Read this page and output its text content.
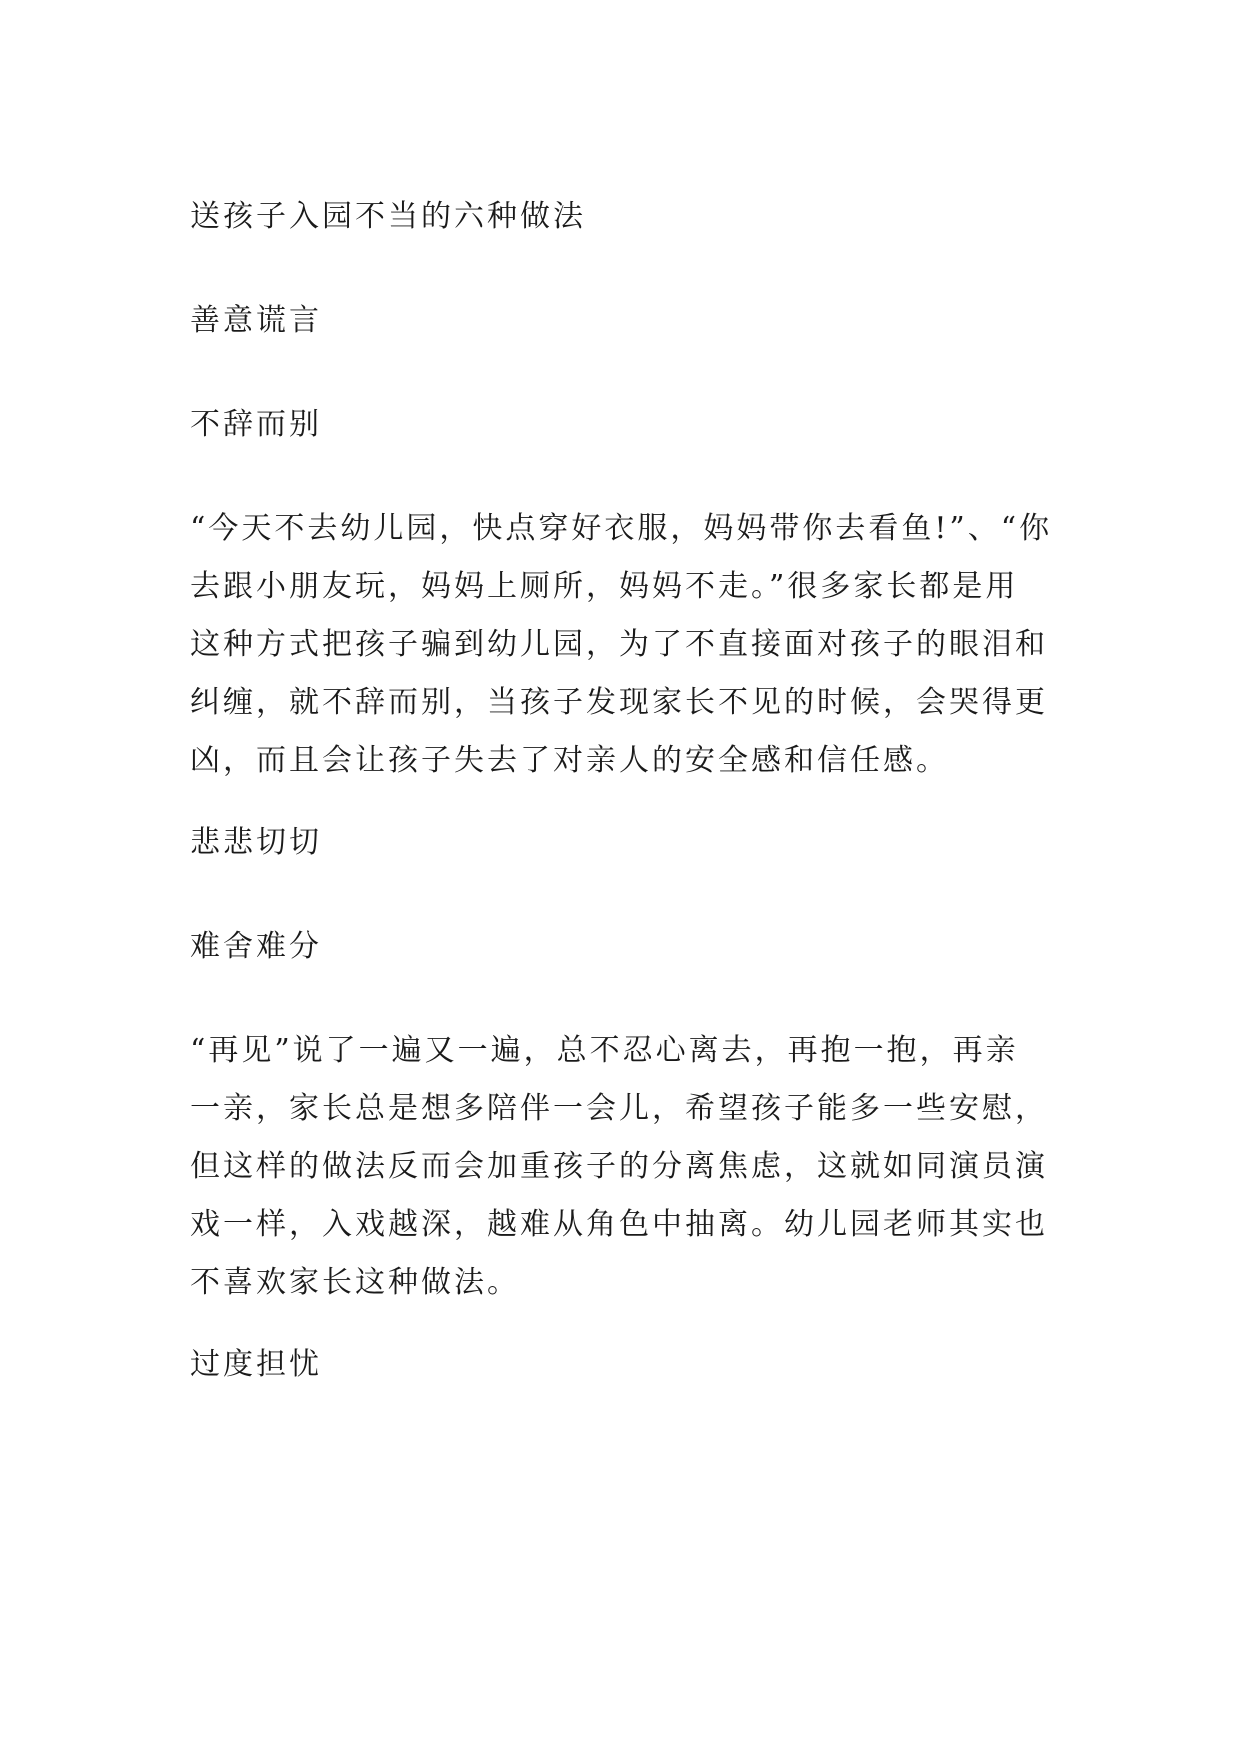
送孩子入园不当的六种做法

善意谎言

不辞而别

“今天不去幼儿园，快点穿好衣服，妈妈带你去看鱼!”、“你
去跟小朋友玩，妈妈上厕所，妈妈不走。”很多家长都是用
这种方式把孩子骗到幼儿园，为了不直接面对孩子的眼泪和
纠缠，就不辞而别，当孩子发现家长不见的时候，会哭得更
凶，而且会让孩子失去了对亲人的安全感和信任感。

悲悲切切

难舍难分

“再见”说了一遍又一遍，总不忍心离去，再抱一抱，再亲
一亲，家长总是想多陪伴一会儿，希望孩子能多一些安慰，
但这样的做法反而会加重孩子的分离焦虑，这就如同演员演
戏一样，入戏越深，越难从角色中抽离。幼儿园老师其实也
不喜欢家长这种做法。

过度担忧
